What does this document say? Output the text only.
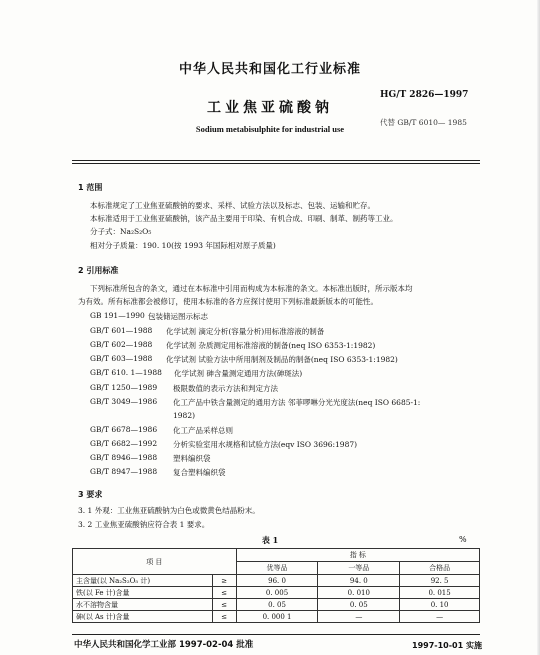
中华人民共和国化工行业标准
HG/T 2826—1997
工业焦亚硫酸钠
代替 GB/T 6010— 1985
Sodium metabisulphite for industrial use
1 范围
本标准规定了工业焦亚硫酸钠的要求、采样、试验方法以及标志、包装、运输和贮存。
本标准适用于工业焦亚硫酸钠，该产品主要用于印染、有机合成、印刷、制革、制药等工业。
分子式：Na₂S₂O₅
相对分子质量：190. 10(按 1993 年国际相对原子质量)
2 引用标准
下列标准所包含的条文，通过在本标准中引用而构成为本标准的条文。本标准出版时，所示版本均
为有效。所有标准都会被修订，使用本标准的各方应探讨使用下列标准最新版本的可能性。
GB 191—1990 包装储运图示标志
GB/T 601—1988 化学试剂 滴定分析(容量分析)用标准溶液的制备
GB/T 602—1988 化学试剂 杂质测定用标准溶液的制备(neq ISO 6353-1:1982)
GB/T 603—1988 化学试剂 试验方法中所用制剂及制品的制备(neq ISO 6353-1:1982)
GB/T 610. 1—1988 化学试剂 砷含量测定通用方法(砷斑法)
GB/T 1250—1989 极限数值的表示方法和判定方法
GB/T 3049—1986 化工产品中铁含量测定的通用方法 邻菲啰啉分光光度法(neq ISO 6685-1:
1982)
GB/T 6678—1986 化工产品采样总则
GB/T 6682—1992 分析实验室用水规格和试验方法(eqv ISO 3696:1987)
GB/T 8946—1988 塑料编织袋
GB/T 8947—1988 复合塑料编织袋
3 要求
3. 1 外观：工业焦亚硫酸钠为白色或微黄色结晶粉末。
3. 2 工业焦亚硫酸钠应符合表 1 要求。
表 1	%
项 目		指 标		
		优等品	一等品	合格品
主含量(以 Na₂S₂O₅ 计)	≥	96. 0	94. 0	92. 5
铁(以 Fe 计)含量	≤	0. 005	0. 010	0. 015
水不溶物含量	≤	0. 05	0. 05	0. 10
砷(以 As 计)含量	≤	0. 000 1	—	—
中华人民共和国化学工业部 1997-02-04 批准	1997-10-01 实施
